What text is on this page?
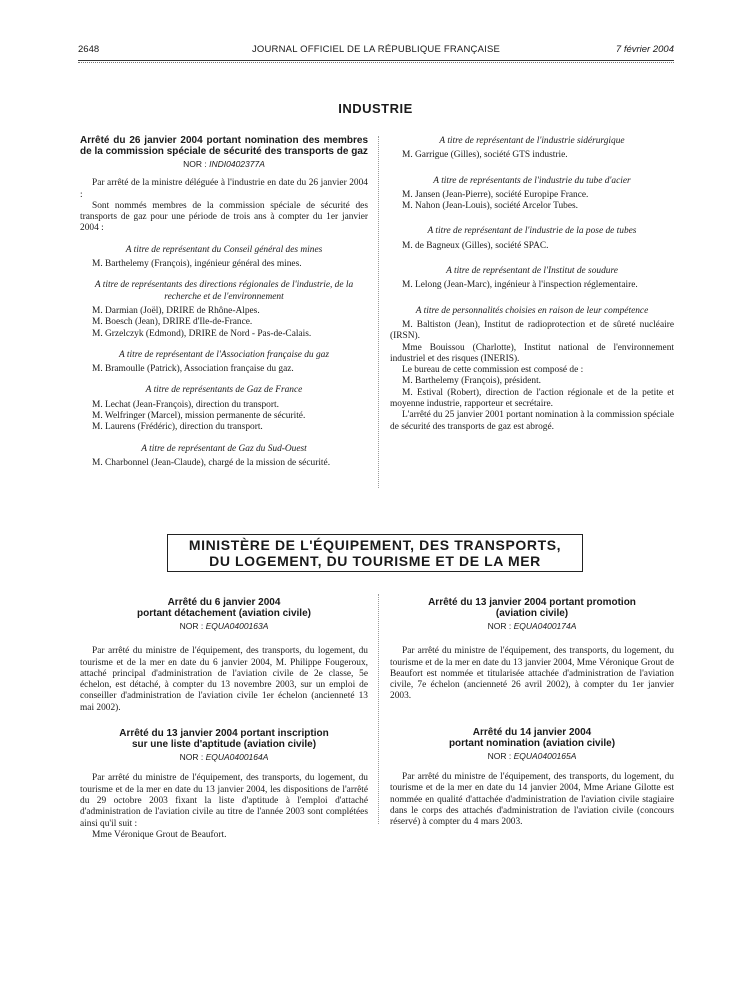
2648	JOURNAL OFFICIEL DE LA RÉPUBLIQUE FRANÇAISE	7 février 2004
INDUSTRIE

Arrêté du 26 janvier 2004 portant nomination des membres de la commission spéciale de sécurité des transports de gaz

NOR : INDI0402377A

Par arrêté de la ministre déléguée à l'industrie en date du 26 janvier 2004 :

Sont nommés membres de la commission spéciale de sécurité des transports de gaz pour une période de trois ans à compter du 1er janvier 2004 :

A titre de représentant du Conseil général des mines

M. Barthelemy (François), ingénieur général des mines.

A titre de représentants des directions régionales de l'industrie, de la recherche et de l'environnement

M. Darmian (Joël), DRIRE de Rhône-Alpes.

M. Boesch (Jean), DRIRE d'Ile-de-France.

M. Grzelczyk (Edmond), DRIRE de Nord - Pas-de-Calais.

A titre de représentant de l'Association française du gaz

M. Bramoulle (Patrick), Association française du gaz.

A titre de représentants de Gaz de France

M. Lechat (Jean-François), direction du transport.

M. Welfringer (Marcel), mission permanente de sécurité.

M. Laurens (Frédéric), direction du transport.

A titre de représentant de Gaz du Sud-Ouest

M. Charbonnel (Jean-Claude), chargé de la mission de sécurité.

A titre de représentant de l'industrie sidérurgique

M. Garrigue (Gilles), société GTS industrie.

A titre de représentants de l'industrie du tube d'acier

M. Jansen (Jean-Pierre), société Europipe France.

M. Nahon (Jean-Louis), société Arcelor Tubes.

A titre de représentant de l'industrie de la pose de tubes

M. de Bagneux (Gilles), société SPAC.

A titre de représentant de l'Institut de soudure

M. Lelong (Jean-Marc), ingénieur à l'inspection réglementaire.

A titre de personnalités choisies en raison de leur compétence

M. Baltiston (Jean), Institut de radioprotection et de sûreté nucléaire (IRSN).

Mme Bouissou (Charlotte), Institut national de l'environnement industriel et des risques (INERIS).

Le bureau de cette commission est composé de :

M. Barthelemy (François), président.

M. Estival (Robert), direction de l'action régionale et de la petite et moyenne industrie, rapporteur et secrétaire.

L'arrêté du 25 janvier 2001 portant nomination à la commission spéciale de sécurité des transports de gaz est abrogé.

MINISTÈRE DE L'ÉQUIPEMENT, DES TRANSPORTS,
DU LOGEMENT, DU TOURISME ET DE LA MER

Arrêté du 6 janvier 2004

portant détachement (aviation civile)

NOR : EQUA0400163A

Par arrêté du ministre de l'équipement, des transports, du logement, du tourisme et de la mer en date du 6 janvier 2004, M. Philippe Fougeroux, attaché principal d'administration de l'aviation civile de 2e classe, 5e échelon, est détaché, à compter du 13 novembre 2003, sur un emploi de conseiller d'administration de l'aviation civile 1er échelon (ancienneté 13 mai 2002).

Arrêté du 13 janvier 2004 portant inscription

sur une liste d'aptitude (aviation civile)

NOR : EQUA0400164A

Par arrêté du ministre de l'équipement, des transports, du logement, du tourisme et de la mer en date du 13 janvier 2004, les dispositions de l'arrêté du 29 octobre 2003 fixant la liste d'aptitude à l'emploi d'attaché d'administration de l'aviation civile au titre de l'année 2003 sont complétées ainsi qu'il suit :

Mme Véronique Grout de Beaufort.

Arrêté du 13 janvier 2004 portant promotion

(aviation civile)

NOR : EQUA0400174A

Par arrêté du ministre de l'équipement, des transports, du logement, du tourisme et de la mer en date du 13 janvier 2004, Mme Véronique Grout de Beaufort est nommée et titularisée attachée d'administration de l'aviation civile, 7e échelon (ancienneté 26 avril 2002), à compter du 1er janvier 2003.

Arrêté du 14 janvier 2004

portant nomination (aviation civile)

NOR : EQUA0400165A

Par arrêté du ministre de l'équipement, des transports, du logement, du tourisme et de la mer en date du 14 janvier 2004, Mme Ariane Gilotte est nommée en qualité d'attachée d'administration de l'aviation civile stagiaire dans le corps des attachés d'administration de l'aviation civile (concours réservé) à compter du 4 mars 2003.
